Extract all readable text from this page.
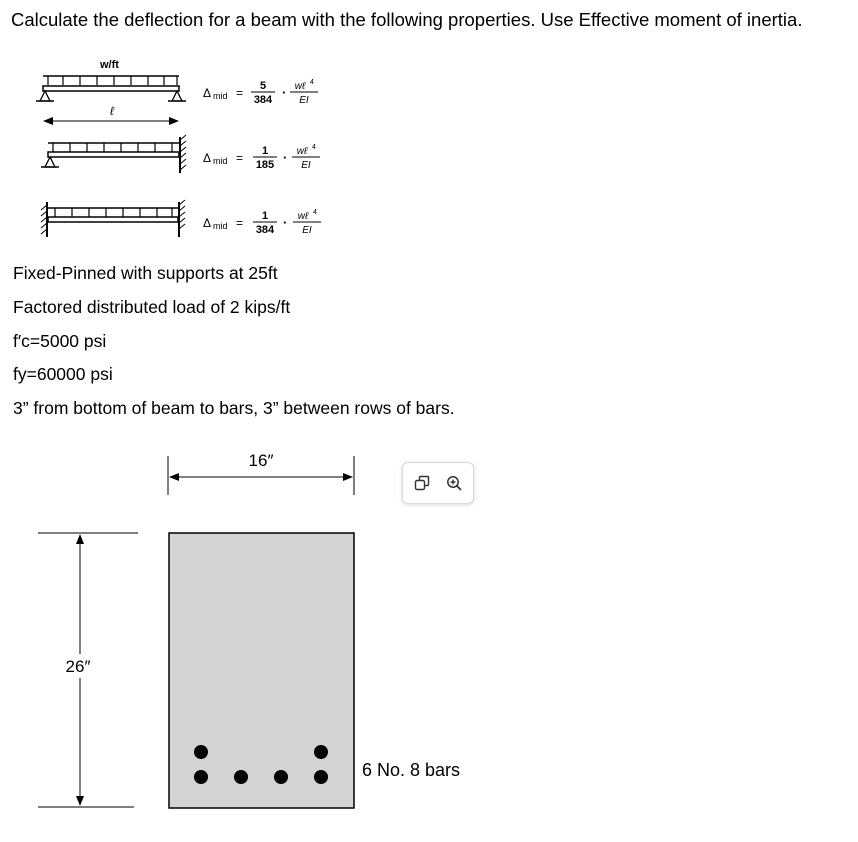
Calculate the deflection for a beam with the following properties. Use Effective moment of inertia.
w/ft
ℓ
Δ mid = 5
384 · wℓ 4
EI
Δ mid = 1
185 · wℓ 4
EI
Δ mid = 1
384 · wℓ 4
EI
16″
26″
6 No. 8 bars
Fixed-Pinned with supports at 25ft
Factored distributed load of 2 kips/ft
f′c=5000 psi
fy=60000 psi
3” from bottom of beam to bars, 3” between rows of bars.
